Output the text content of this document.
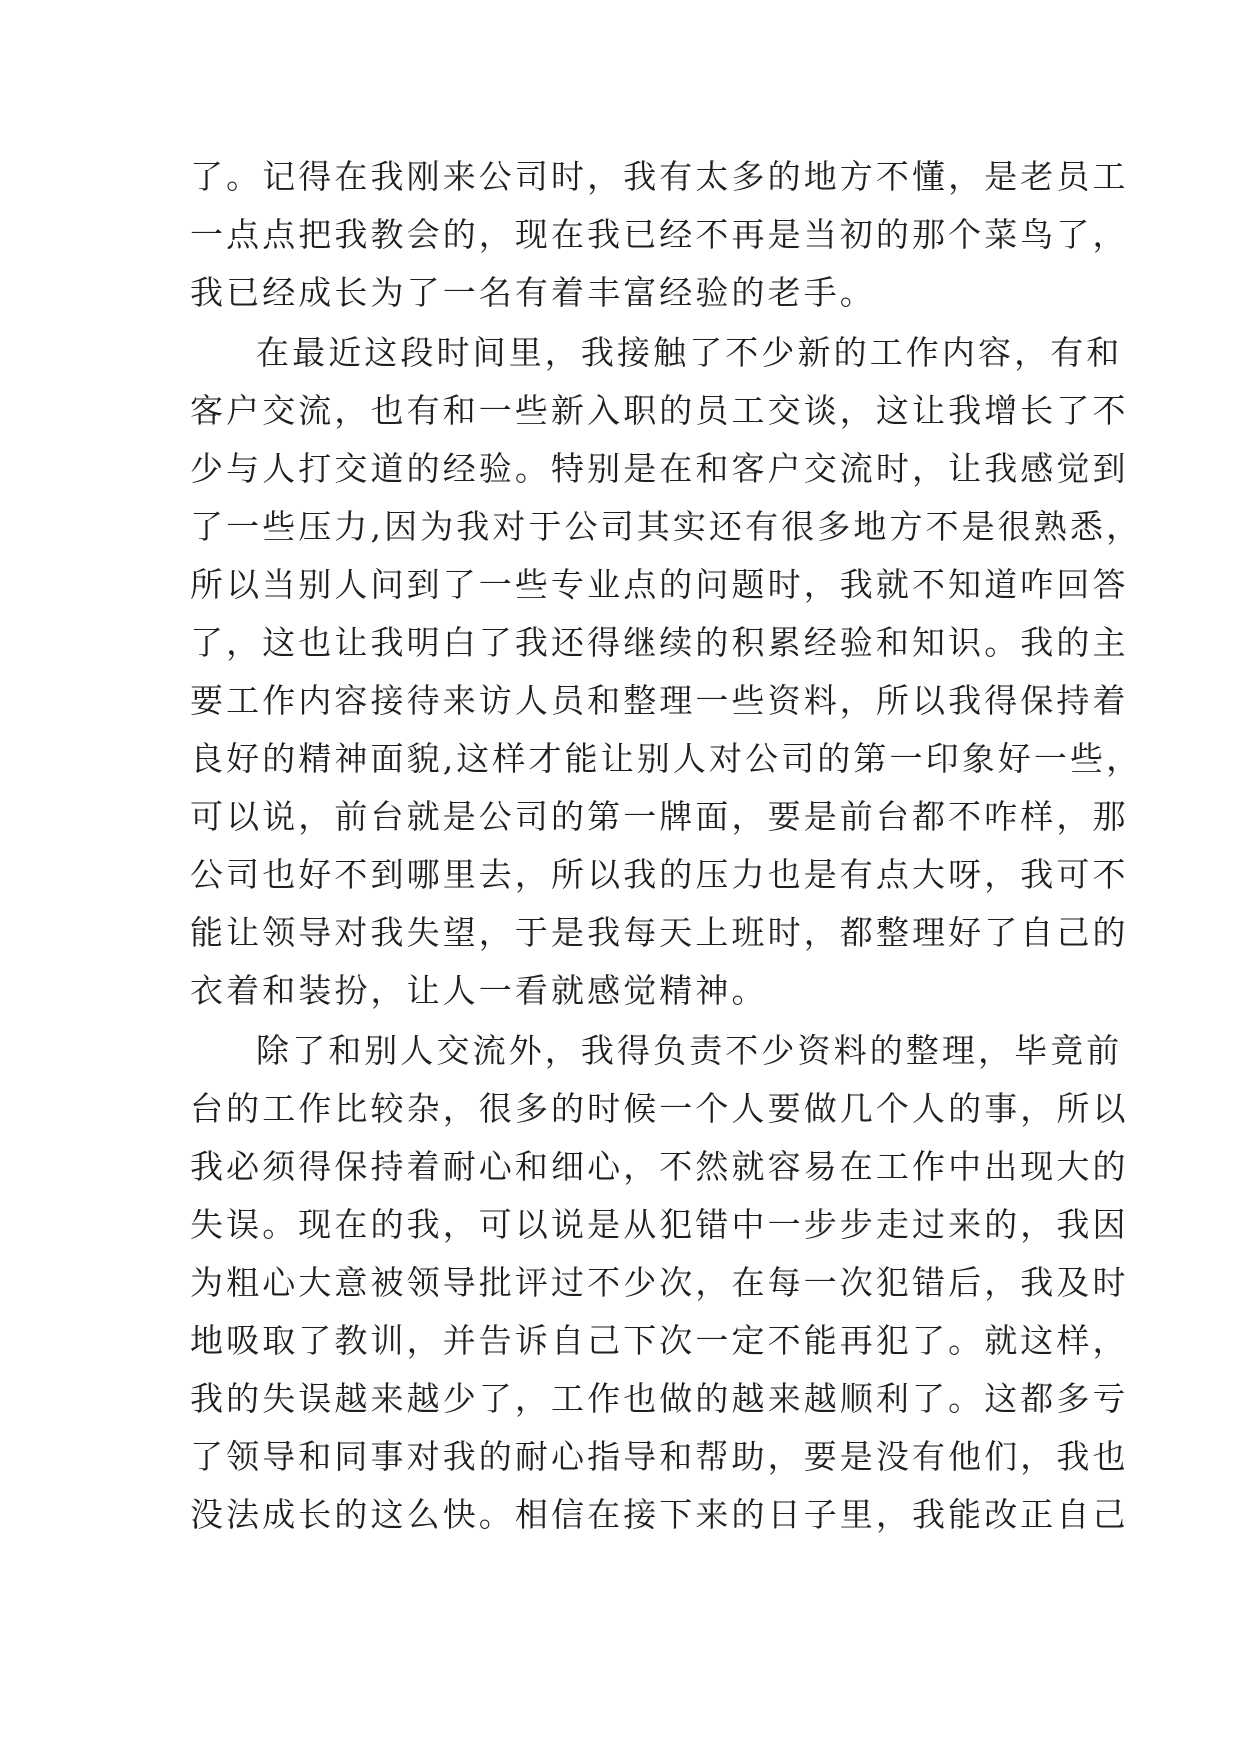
了。记得在我刚来公司时，我有太多的地方不懂，是老员工
一点点把我教会的，现在我已经不再是当初的那个菜鸟了，
我已经成长为了一名有着丰富经验的老手。
在最近这段时间里，我接触了不少新的工作内容，有和
客户交流，也有和一些新入职的员工交谈，这让我增长了不
少与人打交道的经验。特别是在和客户交流时，让我感觉到
了一些压力,因为我对于公司其实还有很多地方不是很熟悉，
所以当别人问到了一些专业点的问题时，我就不知道咋回答
了，这也让我明白了我还得继续的积累经验和知识。我的主
要工作内容接待来访人员和整理一些资料，所以我得保持着
良好的精神面貌,这样才能让别人对公司的第一印象好一些，
可以说，前台就是公司的第一牌面，要是前台都不咋样，那
公司也好不到哪里去，所以我的压力也是有点大呀，我可不
能让领导对我失望，于是我每天上班时，都整理好了自己的
衣着和装扮，让人一看就感觉精神。
除了和别人交流外，我得负责不少资料的整理，毕竟前
台的工作比较杂，很多的时候一个人要做几个人的事，所以
我必须得保持着耐心和细心，不然就容易在工作中出现大的
失误。现在的我，可以说是从犯错中一步步走过来的，我因
为粗心大意被领导批评过不少次，在每一次犯错后，我及时
地吸取了教训，并告诉自己下次一定不能再犯了。就这样，
我的失误越来越少了，工作也做的越来越顺利了。这都多亏
了领导和同事对我的耐心指导和帮助，要是没有他们，我也
没法成长的这么快。相信在接下来的日子里，我能改正自己
